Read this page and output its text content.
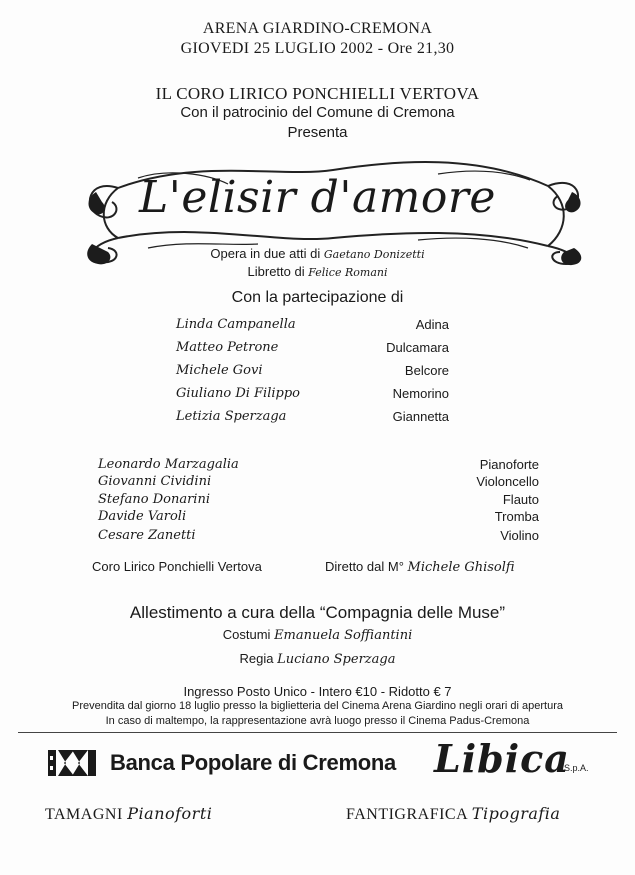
ARENA GIARDINO-CREMONA
GIOVEDI 25 LUGLIO 2002 - Ore 21,30
IL CORO LIRICO PONCHIELLI VERTOVA
Con il patrocinio del Comune di Cremona
Presenta
L'elisir d'amore
Opera in due atti di Gaetano Donizetti
Libretto di Felice Romani
Con la partecipazione di
Linda Campanella	Adina
Matteo Petrone	Dulcamara
Michele Govi	Belcore
Giuliano Di Filippo	Nemorino
Letizia Sperzaga	Giannetta
Leonardo Marzagalia	Pianoforte
Giovanni Cividini	Violoncello
Stefano Donarini	Flauto
Davide Varoli	Tromba
Cesare Zanetti	Violino
Coro Lirico Ponchielli Vertova	Diretto dal M° Michele Ghisolfi
Allestimento a cura della “Compagnia delle Muse”
Costumi Emanuela Soffiantini
Regia Luciano Sperzaga
Ingresso Posto Unico - Intero €10 - Ridotto € 7
Prevendita dal giorno 18 luglio presso la biglietteria del Cinema Arena Giardino negli orari di apertura
In caso di maltempo, la rappresentazione avrà luogo presso il Cinema Padus-Cremona
Banca Popolare di Cremona Libica
S.p.A.
TAMAGNI Pianoforti	FANTIGRAFICA Tipografia
